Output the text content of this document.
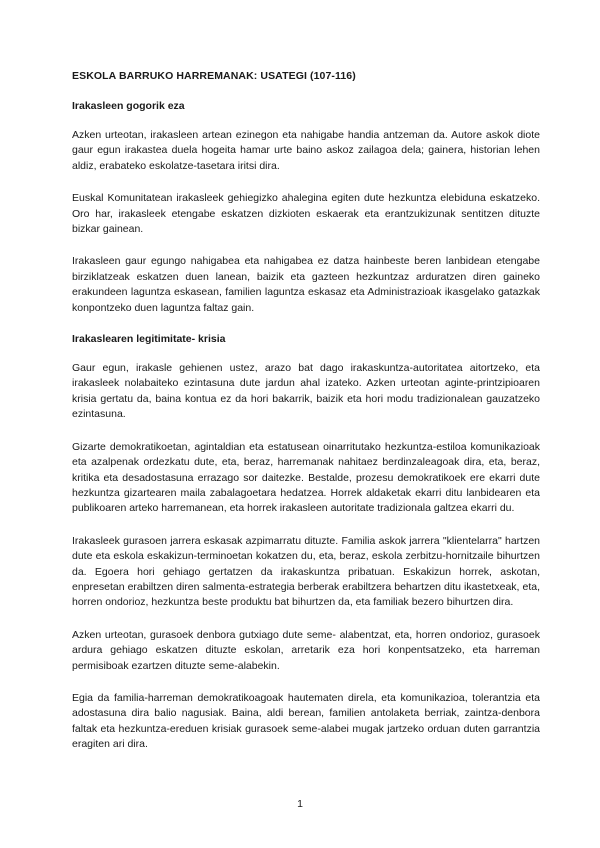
ESKOLA BARRUKO HARREMANAK: USATEGI (107-116)
Irakasleen gogorik eza

Azken urteotan, irakasleen artean ezinegon eta nahigabe handia antzeman da. Autore askok diote gaur egun irakastea duela hogeita hamar urte baino askoz zailagoa dela; gainera, historian lehen aldiz, erabateko eskolatze-tasetara iritsi dira.

Euskal Komunitatean irakasleek gehiegizko ahalegina egiten dute hezkuntza elebiduna eskatzeko. Oro har, irakasleek etengabe eskatzen dizkioten eskaerak eta erantzukizunak sentitzen dituzte bizkar gainean.

Irakasleen gaur egungo nahigabea eta nahigabea ez datza hainbeste beren lanbidean etengabe birziklatzeak eskatzen duen lanean, baizik eta gazteen hezkuntzaz arduratzen diren gaineko erakundeen laguntza eskasean, familien laguntza eskasaz eta Administrazioak ikasgelako gatazkak konpontzeko duen laguntza faltaz gain.

Irakaslearen legitimitate- krisia

Gaur egun, irakasle gehienen ustez, arazo bat dago irakaskuntza-autoritatea aitortzeko, eta irakasleek nolabaiteko ezintasuna dute jardun ahal izateko. Azken urteotan aginte-printzipioaren krisia gertatu da, baina kontua ez da hori bakarrik, baizik eta hori modu tradizionalean gauzatzeko ezintasuna.

Gizarte demokratikoetan, agintaldian eta estatusean oinarritutako hezkuntza-estiloa komunikazioak eta azalpenak ordezkatu dute, eta, beraz, harremanak nahitaez berdinzaleagoak dira, eta, beraz, kritika eta desadostasuna errazago sor daitezke. Bestalde, prozesu demokratikoek ere ekarri dute hezkuntza gizartearen maila zabalagoetara hedatzea. Horrek aldaketak ekarri ditu lanbidearen eta publikoaren arteko harremanean, eta horrek irakasleen autoritate tradizionala galtzea ekarri du.

Irakasleek gurasoen jarrera eskasak azpimarratu dituzte. Familia askok jarrera "klientelarra" hartzen dute eta eskola eskakizun-terminoetan kokatzen du, eta, beraz, eskola zerbitzu-hornitzaile bihurtzen da. Egoera hori gehiago gertatzen da irakaskuntza pribatuan. Eskakizun horrek, askotan, enpresetan erabiltzen diren salmenta-estrategia berberak erabiltzera behartzen ditu ikastetxeak, eta, horren ondorioz, hezkuntza beste produktu bat bihurtzen da, eta familiak bezero bihurtzen dira.

Azken urteotan, gurasoek denbora gutxiago dute seme- alabentzat, eta, horren ondorioz, gurasoek ardura gehiago eskatzen dituzte eskolan, arretarik eza hori konpentsatzeko, eta harreman permisiboak ezartzen dituzte seme-alabekin.

Egia da familia-harreman demokratikoagoak hautematen direla, eta komunikazioa, tolerantzia eta adostasuna dira balio nagusiak. Baina, aldi berean, familien antolaketa berriak, zaintza-denbora faltak eta hezkuntza-ereduen krisiak gurasoek seme-alabei mugak jartzeko orduan duten garrantzia eragiten ari dira.

1
